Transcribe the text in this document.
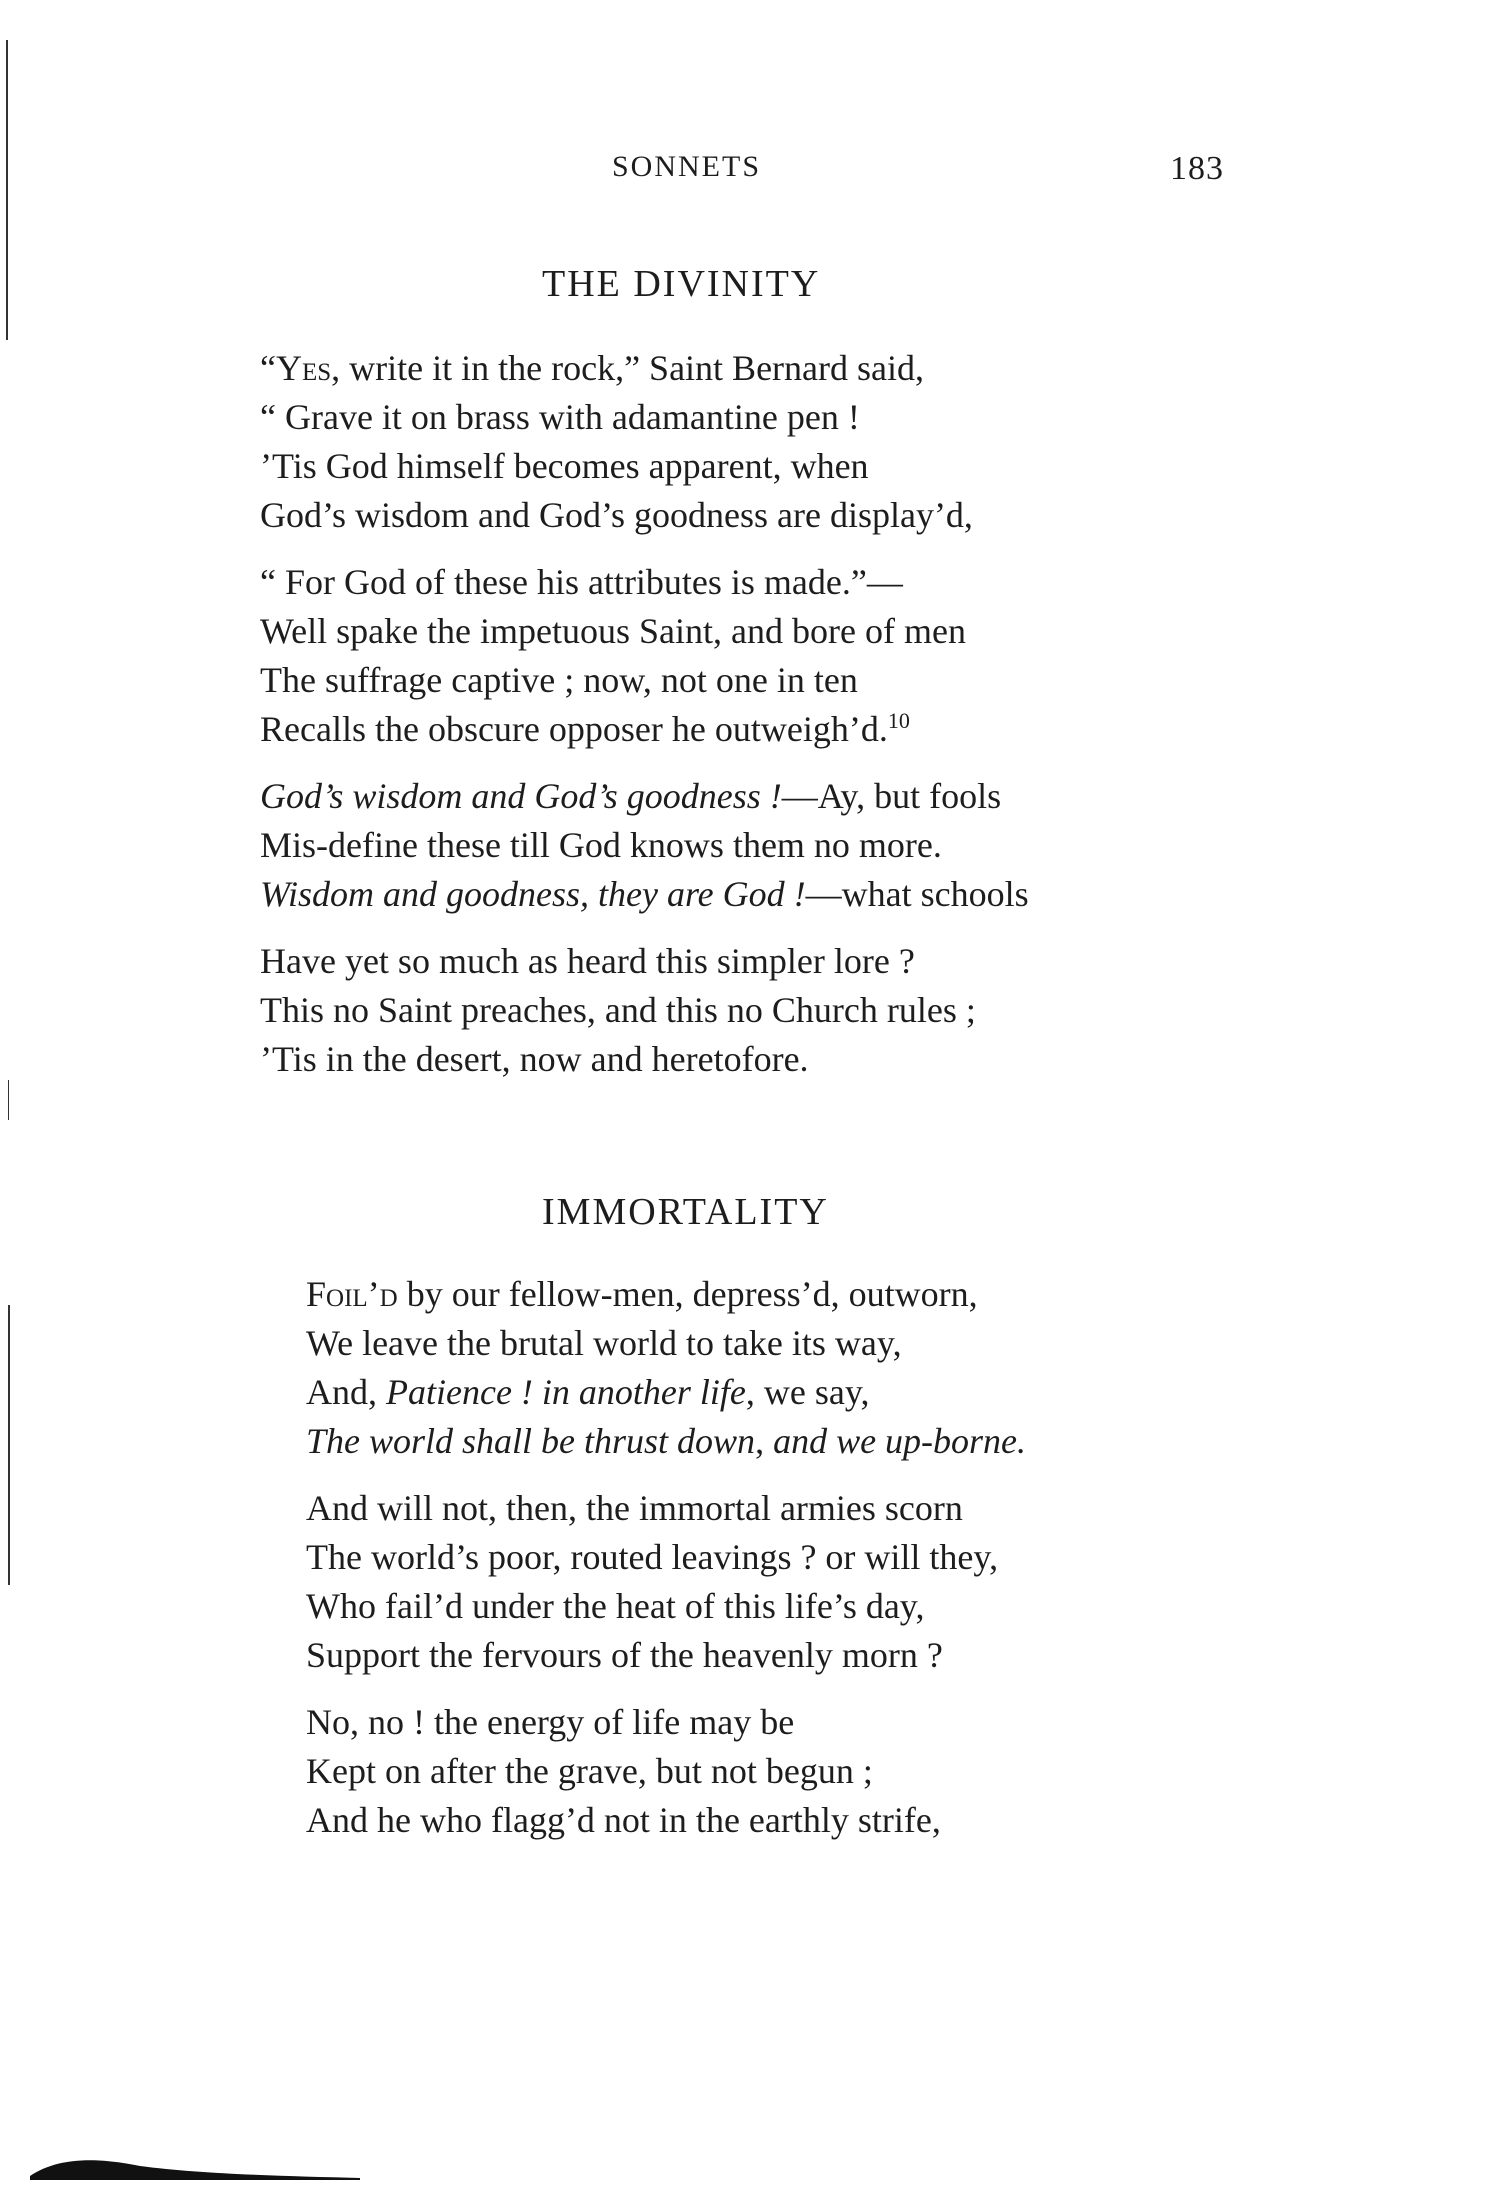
SONNETS	183
THE DIVINITY
“Yes, write it in the rock,” Saint Bernard said,
“ Grave it on brass with adamantine pen !
’Tis God himself becomes apparent, when
God’s wisdom and God’s goodness are display’d,
“ For God of these his attributes is made.”—
Well spake the impetuous Saint, and bore of men
The suffrage captive ; now, not one in ten
Recalls the obscure opposer he outweigh’d.$^{10}$
God’s wisdom and God’s goodness !—Ay, but fools
Mis-define these till God knows them no more.
Wisdom and goodness, they are God !—what schools
Have yet so much as heard this simpler lore ?
This no Saint preaches, and this no Church rules ;
’Tis in the desert, now and heretofore.
IMMORTALITY
Foil’d by our fellow-men, depress’d, outworn,
We leave the brutal world to take its way,
And, Patience ! in another life, we say,
The world shall be thrust down, and we up-borne.
And will not, then, the immortal armies scorn
The world’s poor, routed leavings ? or will they,
Who fail’d under the heat of this life’s day,
Support the fervours of the heavenly morn ?
No, no ! the energy of life may be
Kept on after the grave, but not begun ;
And he who flagg’d not in the earthly strife,
